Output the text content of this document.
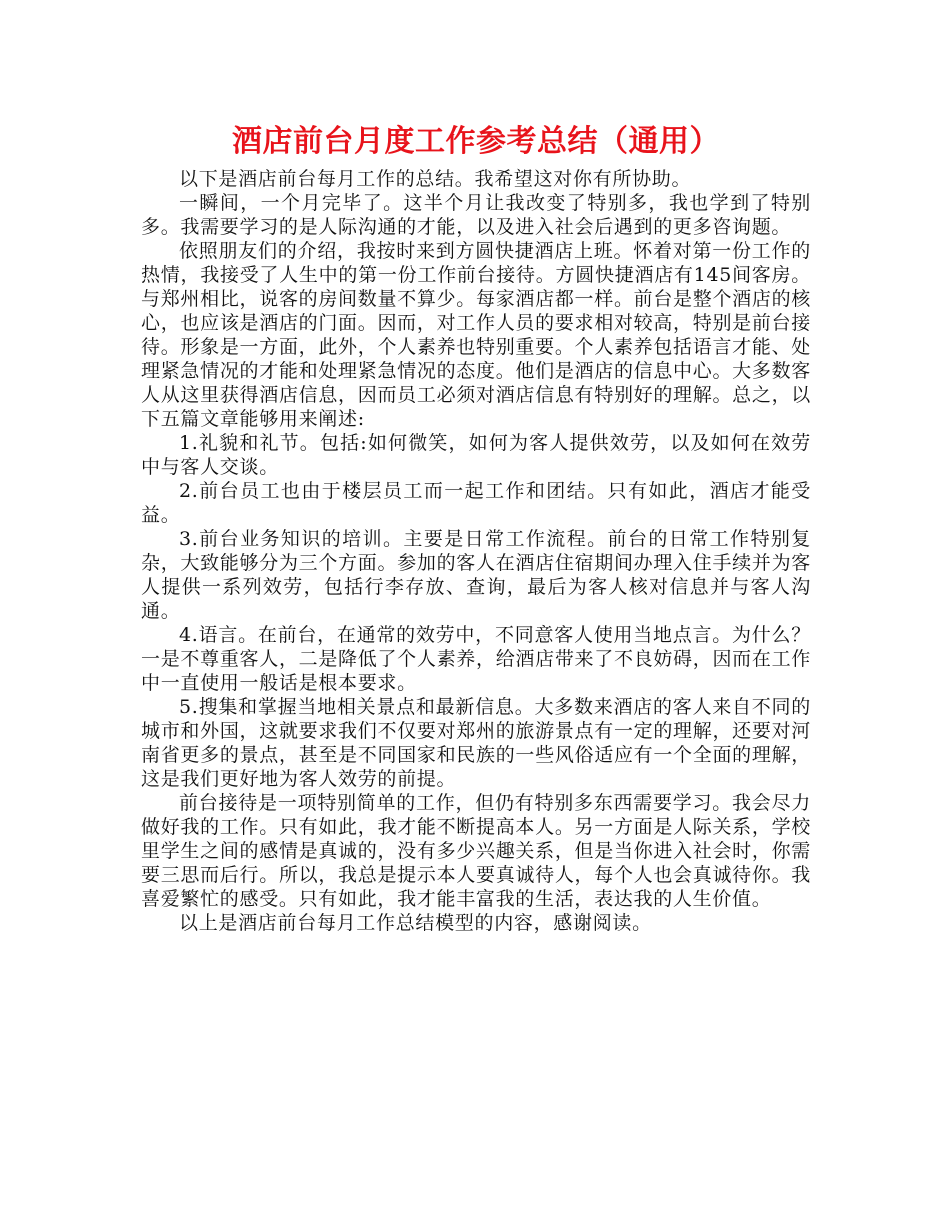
酒店前台月度工作参考总结（通用）

以下是酒店前台每月工作的总结。我希望这对你有所协助。

一瞬间，一个月完毕了。这半个月让我改变了特别多，我也学到了特别多。我需要学习的是人际沟通的才能，以及进入社会后遇到的更多咨询题。

依照朋友们的介绍，我按时来到方圆快捷酒店上班。怀着对第一份工作的热情，我接受了人生中的第一份工作前台接待。方圆快捷酒店有145间客房。与郑州相比，说客的房间数量不算少。每家酒店都一样。前台是整个酒店的核心，也应该是酒店的门面。因而，对工作人员的要求相对较高，特别是前台接待。形象是一方面，此外，个人素养也特别重要。个人素养包括语言才能、处理紧急情况的才能和处理紧急情况的态度。他们是酒店的信息中心。大多数客人从这里获得酒店信息，因而员工必须对酒店信息有特别好的理解。总之，以下五篇文章能够用来阐述:

1.礼貌和礼节。包括:如何微笑，如何为客人提供效劳，以及如何在效劳中与客人交谈。

2.前台员工也由于楼层员工而一起工作和团结。只有如此，酒店才能受益。

3.前台业务知识的培训。主要是日常工作流程。前台的日常工作特别复杂，大致能够分为三个方面。参加的客人在酒店住宿期间办理入住手续并为客人提供一系列效劳，包括行李存放、查询，最后为客人核对信息并与客人沟通。

4.语言。在前台，在通常的效劳中，不同意客人使用当地点言。为什么？一是不尊重客人，二是降低了个人素养，给酒店带来了不良妨碍，因而在工作中一直使用一般话是根本要求。

5.搜集和掌握当地相关景点和最新信息。大多数来酒店的客人来自不同的城市和外国，这就要求我们不仅要对郑州的旅游景点有一定的理解，还要对河南省更多的景点，甚至是不同国家和民族的一些风俗适应有一个全面的理解，这是我们更好地为客人效劳的前提。

前台接待是一项特别简单的工作，但仍有特别多东西需要学习。我会尽力做好我的工作。只有如此，我才能不断提高本人。另一方面是人际关系，学校里学生之间的感情是真诚的，没有多少兴趣关系，但是当你进入社会时，你需要三思而后行。所以，我总是提示本人要真诚待人，每个人也会真诚待你。我喜爱繁忙的感受。只有如此，我才能丰富我的生活，表达我的人生价值。

以上是酒店前台每月工作总结模型的内容，感谢阅读。
